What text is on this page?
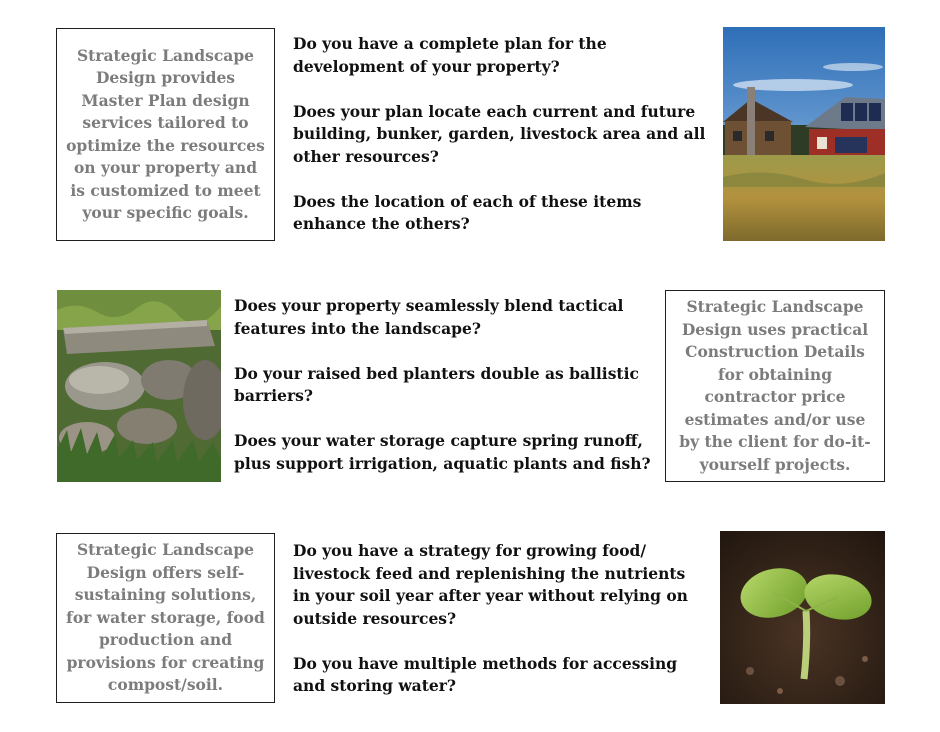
Strategic Landscape Design provides Master Plan design services tailored to optimize the resources on your property and is customized to meet your specific goals.

Do you have a complete plan for the development of your property?

Does your plan locate each current and future building, bunker, garden, livestock area and all other resources?

Does the location of each of these items enhance the others?

Does your property seamlessly blend tactical features into the landscape?

Do your raised bed planters double as ballistic barriers?

Does your water storage capture spring runoff, plus support irrigation, aquatic plants and fish?

Strategic Landscape Design uses practical Construction Details for obtaining contractor price estimates and/or use by the client for do-it-yourself projects.
Strategic Landscape Design offers self-sustaining solutions, for water storage, food production and provisions for creating compost/soil.

Do you have a strategy for growing food/ livestock feed and replenishing the nutrients in your soil year after year without relying on outside resources?

Do you have multiple methods for accessing and storing water?
